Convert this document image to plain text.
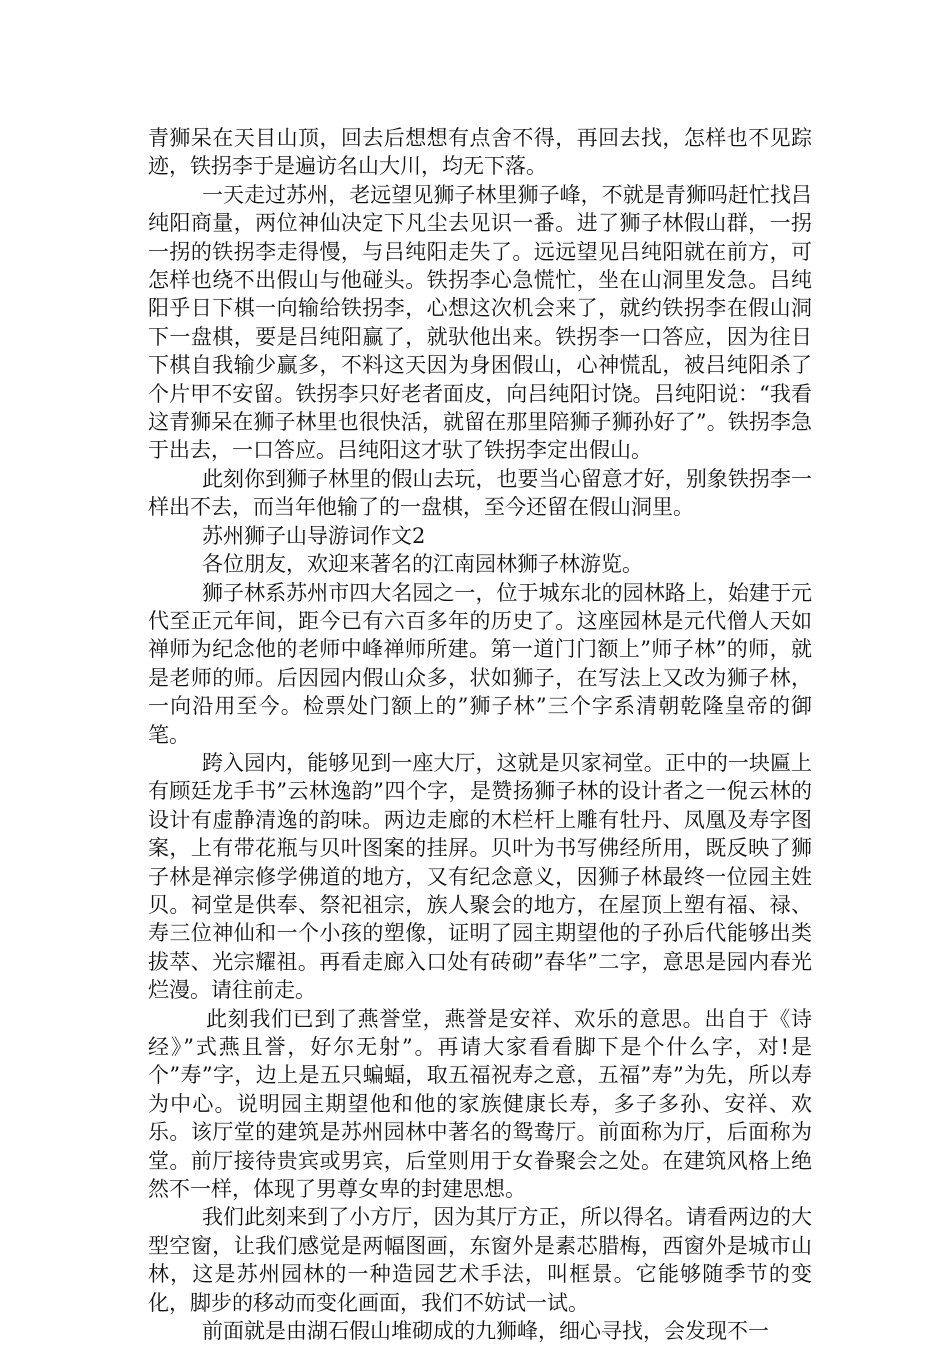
青狮呆在天目山顶，回去后想想有点舍不得，再回去找，怎样也不见踪迹，铁拐李于是遍访名山大川，均无下落。

一天走过苏州，老远望见狮子林里狮子峰，不就是青狮吗赶忙找吕纯阳商量，两位神仙决定下凡尘去见识一番。进了狮子林假山群，一拐一拐的铁拐李走得慢，与吕纯阳走失了。远远望见吕纯阳就在前方，可怎样也绕不出假山与他碰头。铁拐李心急慌忙，坐在山洞里发急。吕纯阳乎日下棋一向输给铁拐李，心想这次机会来了，就约铁拐李在假山洞下一盘棋，要是吕纯阳赢了，就驮他出来。铁拐李一口答应，因为往日下棋自我输少赢多，不料这天因为身困假山，心神慌乱，被吕纯阳杀了个片甲不安留。铁拐李只好老者面皮，向吕纯阳讨饶。吕纯阳说：“我看这青狮呆在狮子林里也很快活，就留在那里陪狮子狮孙好了”。铁拐李急于出去，一口答应。吕纯阳这才驮了铁拐李定出假山。

此刻你到狮子林里的假山去玩，也要当心留意才好，别象铁拐李一样出不去，而当年他输了的一盘棋，至今还留在假山洞里。

苏州狮子山导游词作文2

各位朋友，欢迎来著名的江南园林狮子林游览。

狮子林系苏州市四大名园之一，位于城东北的园林路上，始建于元代至正元年间，距今已有六百多年的历史了。这座园林是元代僧人天如禅师为纪念他的老师中峰禅师所建。第一道门门额上”师子林”的师，就是老师的师。后因园内假山众多，状如狮子，在写法上又改为狮子林，一向沿用至今。检票处门额上的”狮子林”三个字系清朝乾隆皇帝的御笔。

跨入园内，能够见到一座大厅，这就是贝家祠堂。正中的一块匾上有顾廷龙手书”云林逸韵”四个字，是赞扬狮子林的设计者之一倪云林的设计有虚静清逸的韵味。两边走廊的木栏杆上雕有牡丹、凤凰及寿字图案，上有带花瓶与贝叶图案的挂屏。贝叶为书写佛经所用，既反映了狮子林是禅宗修学佛道的地方，又有纪念意义，因狮子林最终一位园主姓贝。祠堂是供奉、祭祀祖宗，族人聚会的地方，在屋顶上塑有福、禄、寿三位神仙和一个小孩的塑像，证明了园主期望他的子孙后代能够出类拔萃、光宗耀祖。再看走廊入口处有砖砌”春华”二字，意思是园内春光烂漫。请往前走。

此刻我们已到了燕誉堂，燕誉是安祥、欢乐的意思。出自于《诗经》”式燕且誉，好尔无射”。再请大家看看脚下是个什么字，对!是个”寿”字，边上是五只蝙蝠，取五福祝寿之意，五福”寿”为先，所以寿为中心。说明园主期望他和他的家族健康长寿，多子多孙、安祥、欢乐。该厅堂的建筑是苏州园林中著名的鸳鸯厅。前面称为厅，后面称为堂。前厅接待贵宾或男宾，后堂则用于女眷聚会之处。在建筑风格上绝然不一样，体现了男尊女卑的封建思想。

我们此刻来到了小方厅，因为其厅方正，所以得名。请看两边的大型空窗，让我们感觉是两幅图画，东窗外是素芯腊梅，西窗外是城市山林，这是苏州园林的一种造园艺术手法，叫框景。它能够随季节的变化，脚步的移动而变化画面，我们不妨试一试。

前面就是由湖石假山堆砌成的九狮峰，细心寻找，会发现不一
